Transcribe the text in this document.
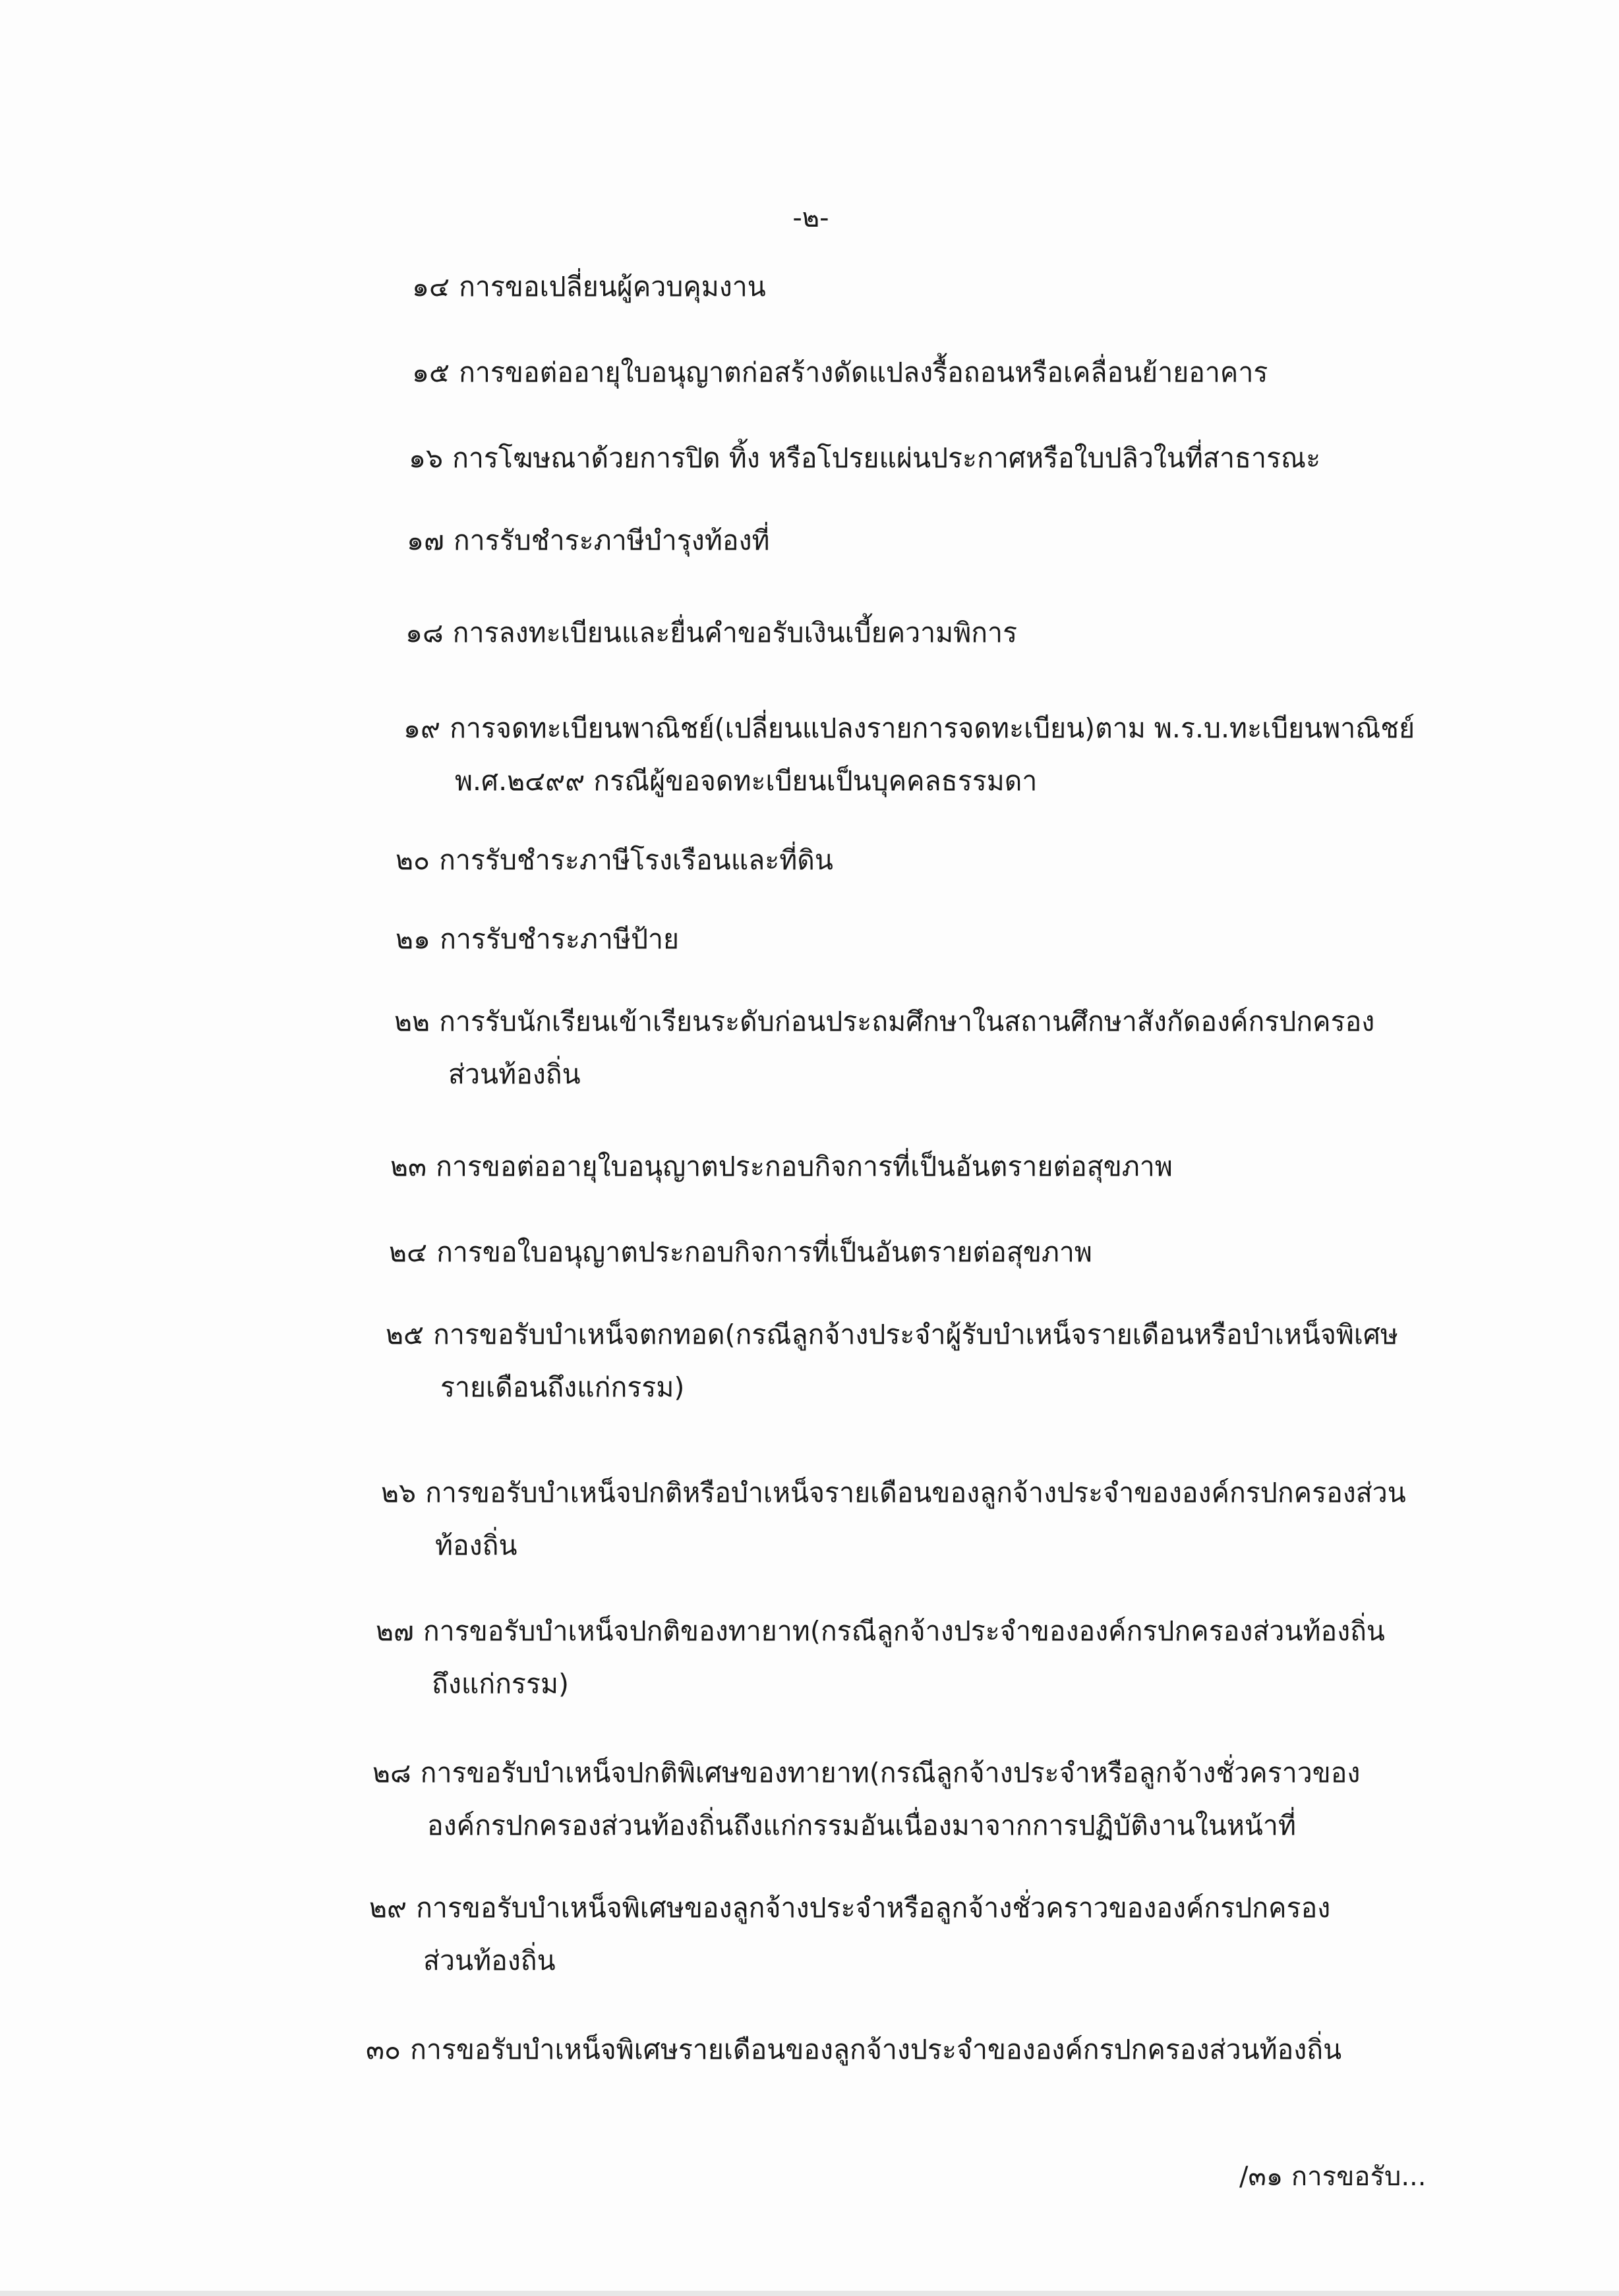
-๒-
๑๔ การขอเปลี่ยนผู้ควบคุมงาน
๑๕ การขอต่ออายุใบอนุญาตก่อสร้างดัดแปลงรื้อถอนหรือเคลื่อนย้ายอาคาร
๑๖ การโฆษณาด้วยการปิด ทิ้ง หรือโปรยแผ่นประกาศหรือใบปลิวในที่สาธารณะ
๑๗ การรับชำระภาษีบำรุงท้องที่
๑๘ การลงทะเบียนและยื่นคำขอรับเงินเบี้ยความพิการ
๑๙ การจดทะเบียนพาณิชย์(เปลี่ยนแปลงรายการจดทะเบียน)ตาม พ.ร.บ.ทะเบียนพาณิชย์
พ.ศ.๒๔๙๙ กรณีผู้ขอจดทะเบียนเป็นบุคคลธรรมดา
๒๐ การรับชำระภาษีโรงเรือนและที่ดิน
๒๑ การรับชำระภาษีป้าย
๒๒ การรับนักเรียนเข้าเรียนระดับก่อนประถมศึกษาในสถานศึกษาสังกัดองค์กรปกครอง
ส่วนท้องถิ่น
๒๓ การขอต่ออายุใบอนุญาตประกอบกิจการที่เป็นอันตรายต่อสุขภาพ
๒๔ การขอใบอนุญาตประกอบกิจการที่เป็นอันตรายต่อสุขภาพ
๒๕ การขอรับบำเหน็จตกทอด(กรณีลูกจ้างประจำผู้รับบำเหน็จรายเดือนหรือบำเหน็จพิเศษ
รายเดือนถึงแก่กรรม)
๒๖ การขอรับบำเหน็จปกติหรือบำเหน็จรายเดือนของลูกจ้างประจำขององค์กรปกครองส่วน
ท้องถิ่น
๒๗ การขอรับบำเหน็จปกติของทายาท(กรณีลูกจ้างประจำขององค์กรปกครองส่วนท้องถิ่น
ถึงแก่กรรม)
๒๘ การขอรับบำเหน็จปกติพิเศษของทายาท(กรณีลูกจ้างประจำหรือลูกจ้างชั่วคราวของ
องค์กรปกครองส่วนท้องถิ่นถึงแก่กรรมอันเนื่องมาจากการปฏิบัติงานในหน้าที่
๒๙ การขอรับบำเหน็จพิเศษของลูกจ้างประจำหรือลูกจ้างชั่วคราวขององค์กรปกครอง
ส่วนท้องถิ่น
๓๐ การขอรับบำเหน็จพิเศษรายเดือนของลูกจ้างประจำขององค์กรปกครองส่วนท้องถิ่น
/๓๑ การขอรับ...
